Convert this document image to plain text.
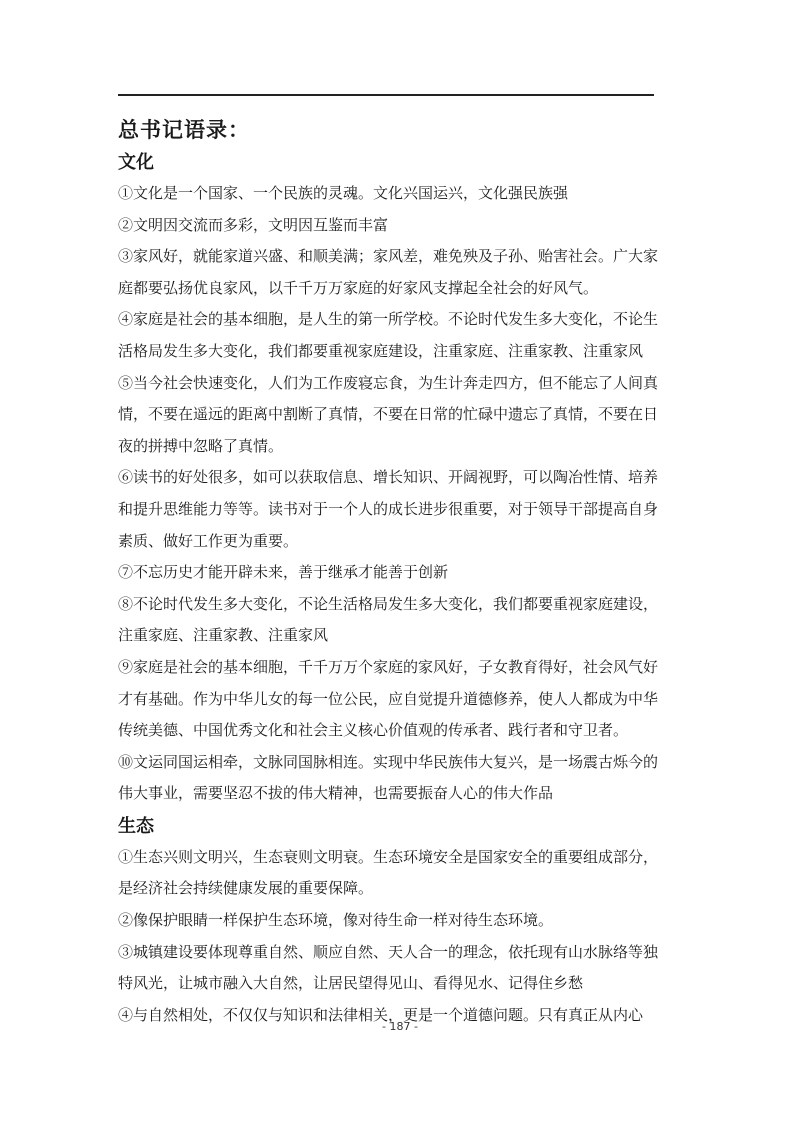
总书记语录：
文化

①文化是一个国家、一个民族的灵魂。文化兴国运兴，文化强民族强

②文明因交流而多彩，文明因互鉴而丰富

③家风好，就能家道兴盛、和顺美满；家风差，难免殃及子孙、贻害社会。广大家庭都要弘扬优良家风，以千千万万家庭的好家风支撑起全社会的好风气。

④家庭是社会的基本细胞，是人生的第一所学校。不论时代发生多大变化，不论生活格局发生多大变化，我们都要重视家庭建设，注重家庭、注重家教、注重家风

⑤当今社会快速变化，人们为工作废寝忘食，为生计奔走四方，但不能忘了人间真情，不要在遥远的距离中割断了真情，不要在日常的忙碌中遗忘了真情，不要在日夜的拼搏中忽略了真情。

⑥读书的好处很多，如可以获取信息、增长知识、开阔视野，可以陶冶性情、培养和提升思维能力等等。读书对于一个人的成长进步很重要，对于领导干部提高自身素质、做好工作更为重要。

⑦不忘历史才能开辟未来，善于继承才能善于创新

⑧不论时代发生多大变化，不论生活格局发生多大变化，我们都要重视家庭建设，注重家庭、注重家教、注重家风

⑨家庭是社会的基本细胞，千千万万个家庭的家风好，子女教育得好，社会风气好才有基础。作为中华儿女的每一位公民，应自觉提升道德修养，使人人都成为中华传统美德、中国优秀文化和社会主义核心价值观的传承者、践行者和守卫者。

⑩文运同国运相牵，文脉同国脉相连。实现中华民族伟大复兴，是一场震古烁今的伟大事业，需要坚忍不拔的伟大精神，也需要振奋人心的伟大作品

生态

①生态兴则文明兴，生态衰则文明衰。生态环境安全是国家安全的重要组成部分，是经济社会持续健康发展的重要保障。

②像保护眼睛一样保护生态环境，像对待生命一样对待生态环境。

③城镇建设要体现尊重自然、顺应自然、天人合一的理念，依托现有山水脉络等独特风光，让城市融入大自然，让居民望得见山、看得见水、记得住乡愁

④与自然相处，不仅仅与知识和法律相关，更是一个道德问题。只有真正从内心

- 187 -
